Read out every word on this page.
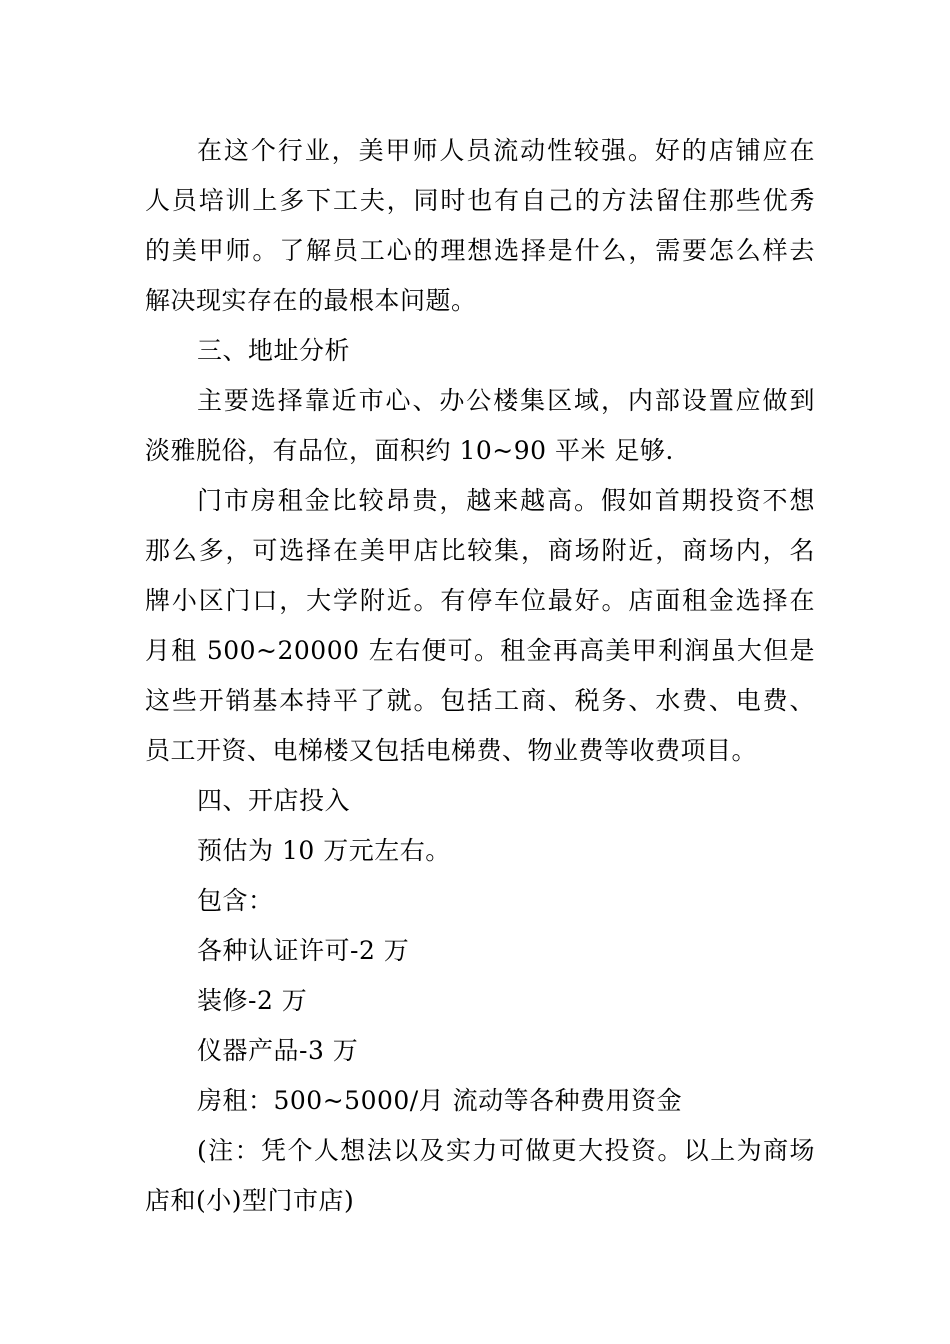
在这个行业，美甲师人员流动性较强。好的店铺应在
人员培训上多下工夫，同时也有自己的方法留住那些优秀
的美甲师。了解员工心的理想选择是什么，需要怎么样去
解决现实存在的最根本问题。
三、地址分析
主要选择靠近市心、办公楼集区域，内部设置应做到
淡雅脱俗，有品位，面积约 10~90 平米 足够.
门市房租金比较昂贵，越来越高。假如首期投资不想
那么多，可选择在美甲店比较集，商场附近，商场内，名
牌小区门口，大学附近。有停车位最好。店面租金选择在
月租 500~20000 左右便可。租金再高美甲利润虽大但是
这些开销基本持平了就。包括工商、税务、水费、电费、
员工开资、电梯楼又包括电梯费、物业费等收费项目。
四、开店投入
预估为 10 万元左右。
包含：
各种认证许可-2 万
装修-2 万
仪器产品-3 万
房租：500~5000/月 流动等各种费用资金
(注：凭个人想法以及实力可做更大投资。以上为商场
店和(小)型门市店)
